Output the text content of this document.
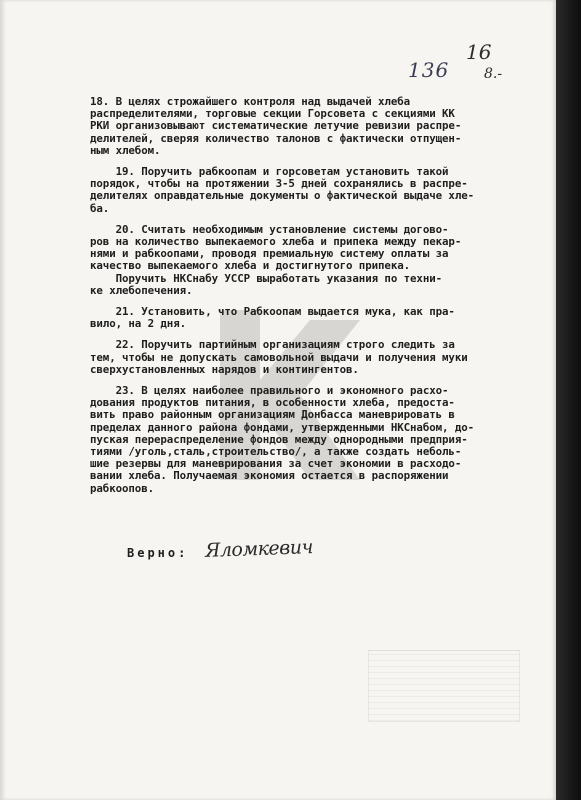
136
16
8.-
18. В целях строжайшего контроля над выдачей хлеба
распределителями, торговые секции Горсовета с секциями КК
РКИ организовывают систематические летучие ревизии распре-
делителей, сверяя количество талонов с фактически отпущен-
ным хлебом.
19. Поручить рабкоопам и горсоветам установить такой
порядок, чтобы на протяжении 3-5 дней сохранялись в распре-
делителях оправдательные документы о фактической выдаче хле-
ба.
20. Считать необходимым установление системы догово-
ров на количество выпекаемого хлеба и припека между пекар-
нями и рабкоопами, проводя премиальную систему оплаты за
качество выпекаемого хлеба и достигнутого припека.
Поручить НКСнабу УССР выработать указания по техни-
ке хлебопечения.
21. Установить, что Рабкоопам выдается мука, как пра-
вило, на 2 дня.
22. Поручить партийным организациям строго следить за
тем, чтобы не допускать самовольной выдачи и получения муки
сверхустановленных нарядов и контингентов.
23. В целях наиболее правильного и экономного расхо-
дования продуктов питания, в особенности хлеба, предоста-
вить право районным организациям Донбасса маневрировать в
пределах данного района фондами, утвержденными НКСнабом, до-
пуская перераспределение фондов между однородными предприя-
тиями /уголь,сталь,строительство/, а также создать неболь-
шие резервы для маневрирования за счет экономии в расходо-
вании хлеба. Получаемая экономия остается в распоряжении
рабкоопов.
Верно: Яломкевич
